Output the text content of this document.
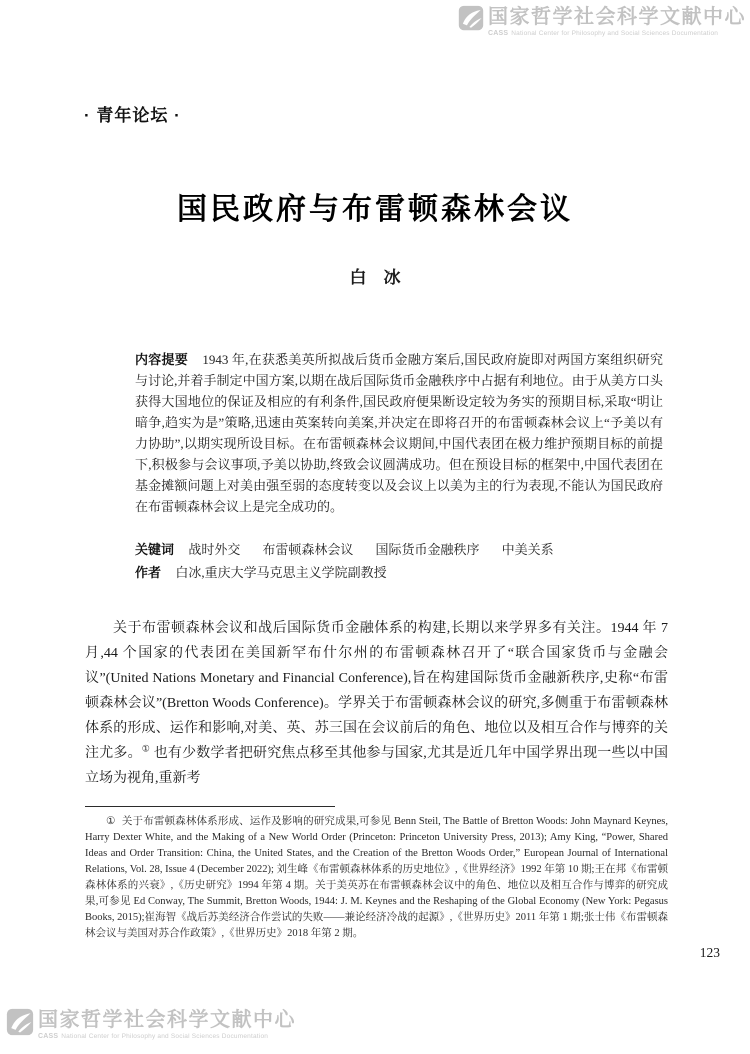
国家哲学社会科学文献中心
CASS National Center for Philosophy and Social Sciences Documentation
· 青年论坛 ·
国民政府与布雷顿森林会议
白　冰
内容提要 1943 年,在获悉美英所拟战后货币金融方案后,国民政府旋即对两国方案组织研究与讨论,并着手制定中国方案,以期在战后国际货币金融秩序中占据有利地位。由于从美方口头获得大国地位的保证及相应的有利条件,国民政府便果断设定较为务实的预期目标,采取“明让暗争,趋实为是”策略,迅速由英案转向美案,并决定在即将召开的布雷顿森林会议上“予美以有力协助”,以期实现所设目标。在布雷顿森林会议期间,中国代表团在极力维护预期目标的前提下,积极参与会议事项,予美以协助,终致会议圆满成功。但在预设目标的框架中,中国代表团在基金摊额问题上对美由强至弱的态度转变以及会议上以美为主的行为表现,不能认为国民政府在布雷顿森林会议上是完全成功的。
关键词 战时外交 布雷顿森林会议 国际货币金融秩序 中美关系
作者 白冰,重庆大学马克思主义学院副教授

关于布雷顿森林会议和战后国际货币金融体系的构建,长期以来学界多有关注。1944 年 7 月,44 个国家的代表团在美国新罕布什尔州的布雷顿森林召开了“联合国家货币与金融会议”(United Nations Monetary and Financial Conference),旨在构建国际货币金融新秩序,史称“布雷顿森林会议”(Bretton Woods Conference)。学界关于布雷顿森林会议的研究,多侧重于布雷顿森林体系的形成、运作和影响,对美、英、苏三国在会议前后的角色、地位以及相互合作与博弈的关注尤多。① 也有少数学者把研究焦点移至其他参与国家,尤其是近几年中国学界出现一些以中国立场为视角,重新考

① 关于布雷顿森林体系形成、运作及影响的研究成果,可参见 Benn Steil, The Battle of Bretton Woods: John Maynard Keynes, Harry Dexter White, and the Making of a New World Order (Princeton: Princeton University Press, 2013); Amy King, “Power, Shared Ideas and Order Transition: China, the United States, and the Creation of the Bretton Woods Order,” European Journal of International Relations, Vol. 28, Issue 4 (December 2022); 刘生峰《布雷顿森林体系的历史地位》,《世界经济》1992 年第 10 期;王在邦《布雷顿森林体系的兴衰》,《历史研究》1994 年第 4 期。关于美英苏在布雷顿森林会议中的角色、地位以及相互合作与博弈的研究成果,可参见 Ed Conway, The Summit, Bretton Woods, 1944: J. M. Keynes and the Reshaping of the Global Economy (New York: Pegasus Books, 2015);崔海智《战后苏美经济合作尝试的失败——兼论经济冷战的起源》,《世界历史》2011 年第 1 期;张士伟《布雷顿森林会议与美国对苏合作政策》,《世界历史》2018 年第 2 期。

123
国家哲学社会科学文献中心
CASS National Center for Philosophy and Social Sciences Documentation
